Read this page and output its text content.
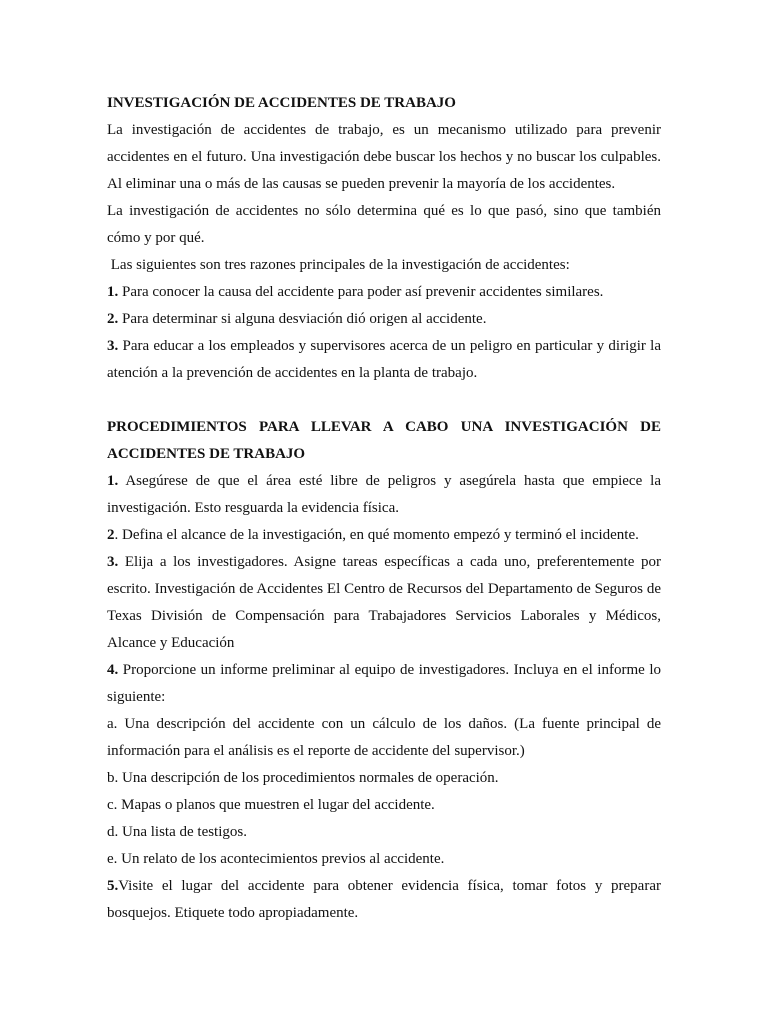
INVESTIGACIÓN DE ACCIDENTES DE TRABAJO

La investigación de accidentes de trabajo, es un mecanismo utilizado para prevenir accidentes en el futuro. Una investigación debe buscar los hechos y no buscar los culpables. Al eliminar una o más de las causas se pueden prevenir la mayoría de los accidentes.

La investigación de accidentes no sólo determina qué es lo que pasó, sino que también cómo y por qué.

Las siguientes son tres razones principales de la investigación de accidentes:

1. Para conocer la causa del accidente para poder así prevenir accidentes similares.

2. Para determinar si alguna desviación dió origen al accidente.

3. Para educar a los empleados y supervisores acerca de un peligro en particular y dirigir la atención a la prevención de accidentes en la planta de trabajo.

PROCEDIMIENTOS PARA LLEVAR A CABO UNA INVESTIGACIÓN DE ACCIDENTES DE TRABAJO

1. Asegúrese de que el área esté libre de peligros y asegúrela hasta que empiece la investigación. Esto resguarda la evidencia física.

2. Defina el alcance de la investigación, en qué momento empezó y terminó el incidente.

3. Elija a los investigadores. Asigne tareas específicas a cada uno, preferentemente por escrito. Investigación de Accidentes El Centro de Recursos del Departamento de Seguros de Texas División de Compensación para Trabajadores Servicios Laborales y Médicos, Alcance y Educación

4. Proporcione un informe preliminar al equipo de investigadores. Incluya en el informe lo siguiente:

a. Una descripción del accidente con un cálculo de los daños. (La fuente principal de información para el análisis es el reporte de accidente del supervisor.)

b. Una descripción de los procedimientos normales de operación.

c. Mapas o planos que muestren el lugar del accidente.

d. Una lista de testigos.

e. Un relato de los acontecimientos previos al accidente.

5.Visite el lugar del accidente para obtener evidencia física, tomar fotos y preparar bosquejos. Etiquete todo apropiadamente.
